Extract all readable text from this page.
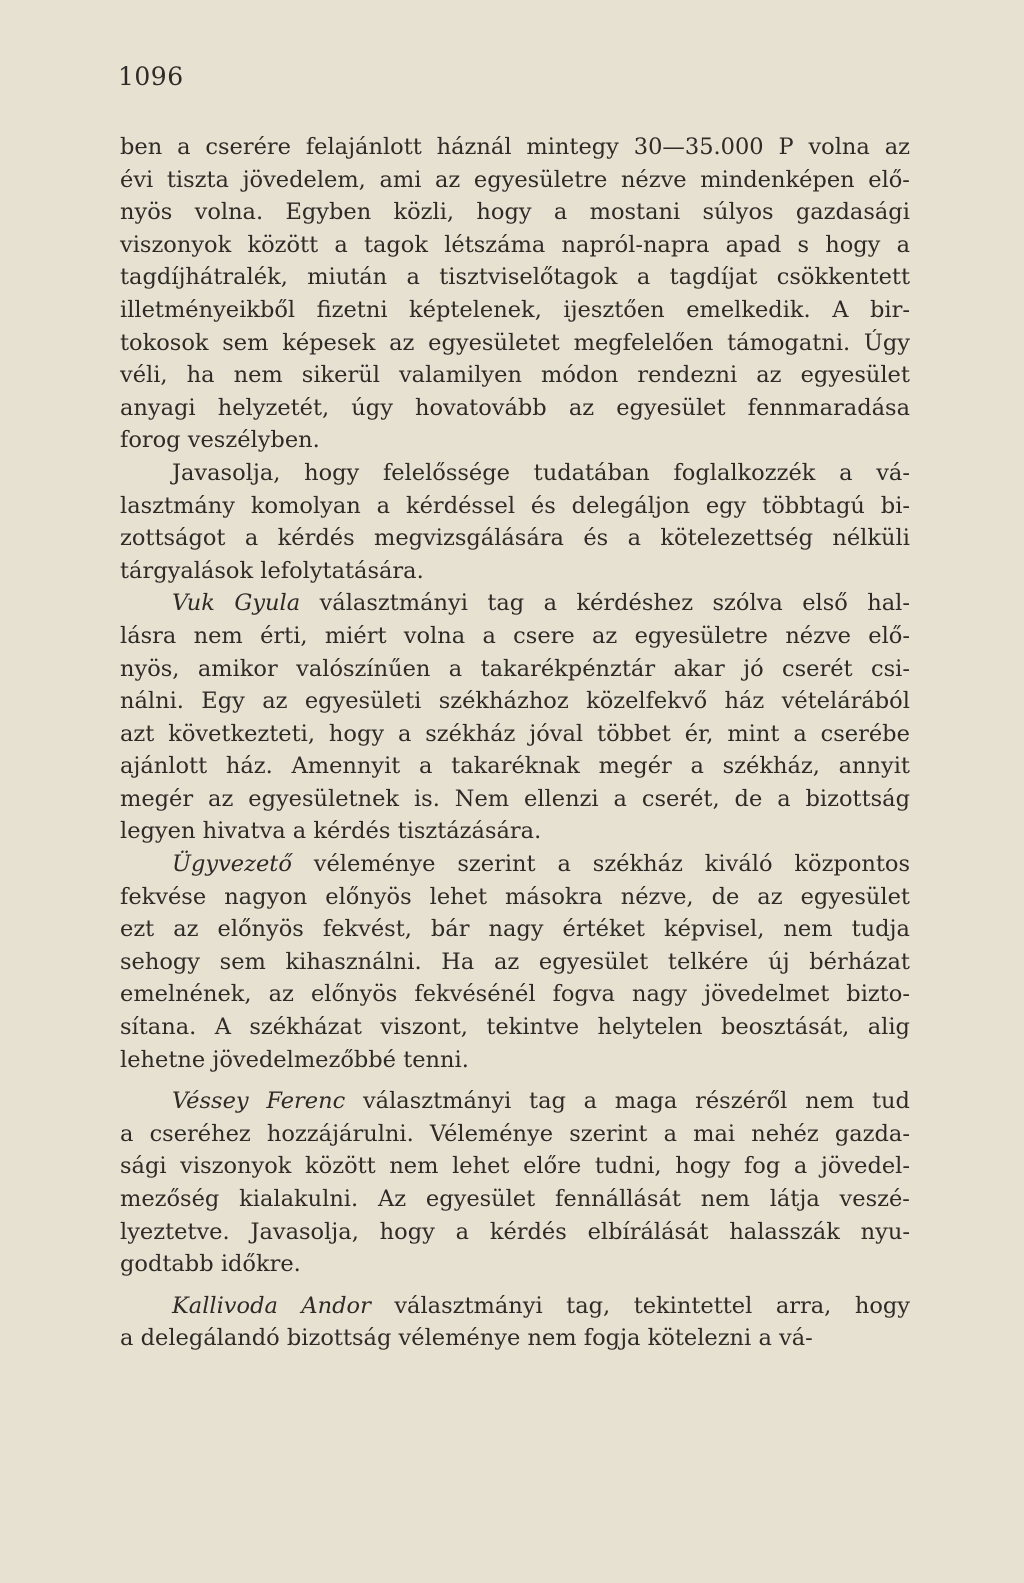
1096
ben a cserére felajánlott háznál mintegy 30—35.000 P volna az
évi tiszta jövedelem, ami az egyesületre nézve mindenképen elő-
nyös volna. Egyben közli, hogy a mostani súlyos gazdasági
viszonyok között a tagok létszáma napról-napra apad s hogy a
tagdíjhátralék, miután a tisztviselőtagok a tagdíjat csökkentett
illetményeikből fizetni képtelenek, ijesztően emelkedik. A bir-
tokosok sem képesek az egyesületet megfelelően támogatni. Úgy
véli, ha nem sikerül valamilyen módon rendezni az egyesület
anyagi helyzetét, úgy hovatovább az egyesület fennmaradása
forog veszélyben.
Javasolja, hogy felelőssége tudatában foglalkozzék a vá-
lasztmány komolyan a kérdéssel és delegáljon egy többtagú bi-
zottságot a kérdés megvizsgálására és a kötelezettség nélküli
tárgyalások lefolytatására.
Vuk Gyula választmányi tag a kérdéshez szólva első hal-
lásra nem érti, miért volna a csere az egyesületre nézve elő-
nyös, amikor valószínűen a takarékpénztár akar jó cserét csi-
nálni. Egy az egyesületi székházhoz közelfekvő ház vételárából
azt következteti, hogy a székház jóval többet ér, mint a cserébe
ajánlott ház. Amennyit a takaréknak megér a székház, annyit
megér az egyesületnek is. Nem ellenzi a cserét, de a bizottság
legyen hivatva a kérdés tisztázására.
Ügyvezető véleménye szerint a székház kiváló központos
fekvése nagyon előnyös lehet másokra nézve, de az egyesület
ezt az előnyös fekvést, bár nagy értéket képvisel, nem tudja
sehogy sem kihasználni. Ha az egyesület telkére új bérházat
emelnének, az előnyös fekvésénél fogva nagy jövedelmet bizto-
sítana. A székházat viszont, tekintve helytelen beosztását, alig
lehetne jövedelmezőbbé tenni.
Véssey Ferenc választmányi tag a maga részéről nem tud
a cseréhez hozzájárulni. Véleménye szerint a mai nehéz gazda-
sági viszonyok között nem lehet előre tudni, hogy fog a jövedel-
mezőség kialakulni. Az egyesület fennállását nem látja veszé-
lyeztetve. Javasolja, hogy a kérdés elbírálását halasszák nyu-
godtabb időkre.
Kallivoda Andor választmányi tag, tekintettel arra, hogy
a delegálandó bizottság véleménye nem fogja kötelezni a vá-
